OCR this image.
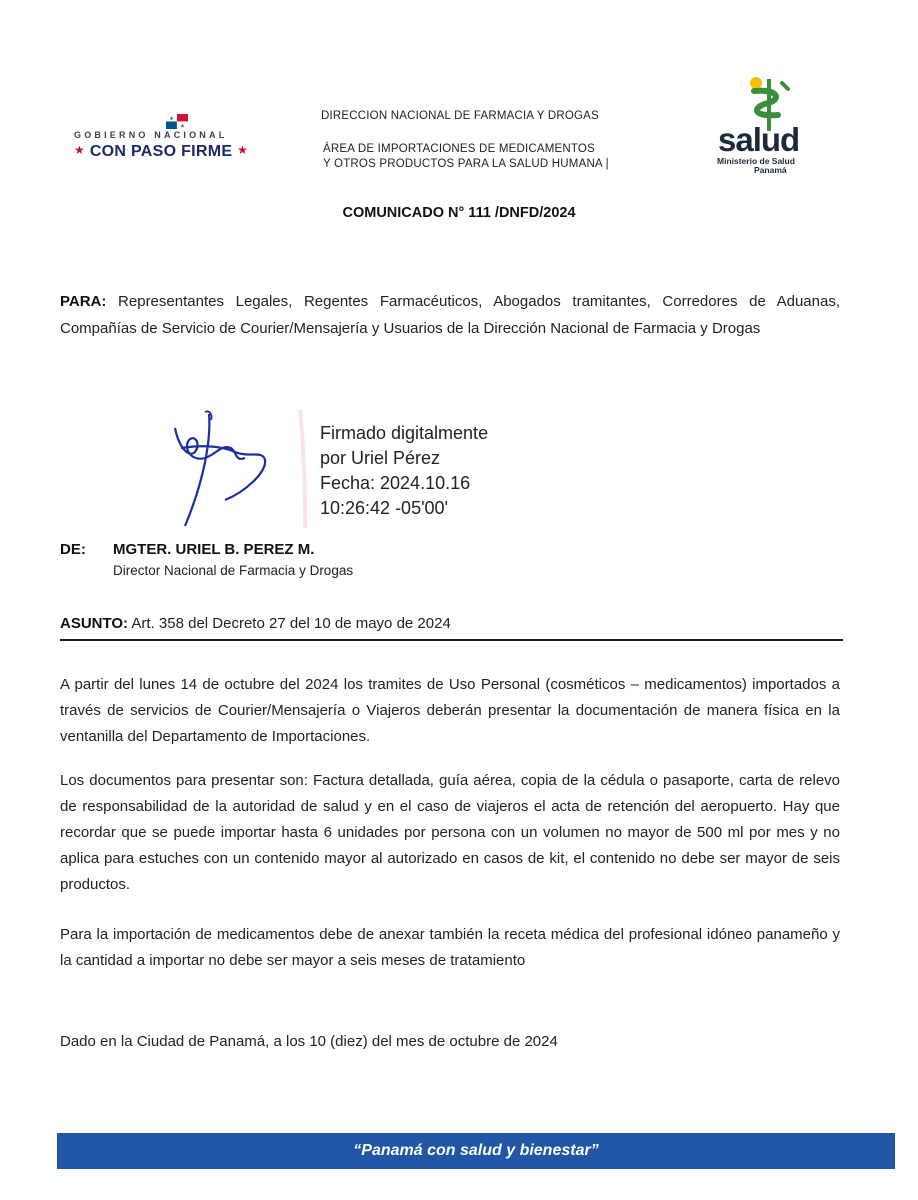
★
★
GOBIERNO NACIONAL
★ CON PASO FIRME ★
DIRECCION NACIONAL DE FARMACIA Y DROGAS
ÁREA DE IMPORTACIONES DE MEDICAMENTOS
Y OTROS PRODUCTOS PARA LA SALUD HUMANA |
salud
Ministerio de Salud
Panamá
COMUNICADO N° 111 /DNFD/2024
PARA: Representantes Legales, Regentes Farmacéuticos, Abogados tramitantes, Corredores de Aduanas, Compañías de Servicio de Courier/Mensajería y Usuarios de la Dirección Nacional de Farmacia y Drogas
Firmado digitalmente
por Uriel Pérez
Fecha: 2024.10.16
10:26:42 -05'00'
DE: MGTER. URIEL B. PEREZ M.
Director Nacional de Farmacia y Drogas
ASUNTO: Art. 358 del Decreto 27 del 10 de mayo de 2024

A partir del lunes 14 de octubre del 2024 los tramites de Uso Personal (cosméticos – medicamentos) importados a través de servicios de Courier/Mensajería o Viajeros deberán presentar la documentación de manera física en la ventanilla del Departamento de Importaciones.

Los documentos para presentar son: Factura detallada, guía aérea, copia de la cédula o pasaporte, carta de relevo de responsabilidad de la autoridad de salud y en el caso de viajeros el acta de retención del aeropuerto. Hay que recordar que se puede importar hasta 6 unidades por persona con un volumen no mayor de 500 ml por mes y no aplica para estuches con un contenido mayor al autorizado en casos de kit, el contenido no debe ser mayor de seis productos.

Para la importación de medicamentos debe de anexar también la receta médica del profesional idóneo panameño y la cantidad a importar no debe ser mayor a seis meses de tratamiento

Dado en la Ciudad de Panamá, a los 10 (diez) del mes de octubre de 2024
“Panamá con salud y bienestar”
